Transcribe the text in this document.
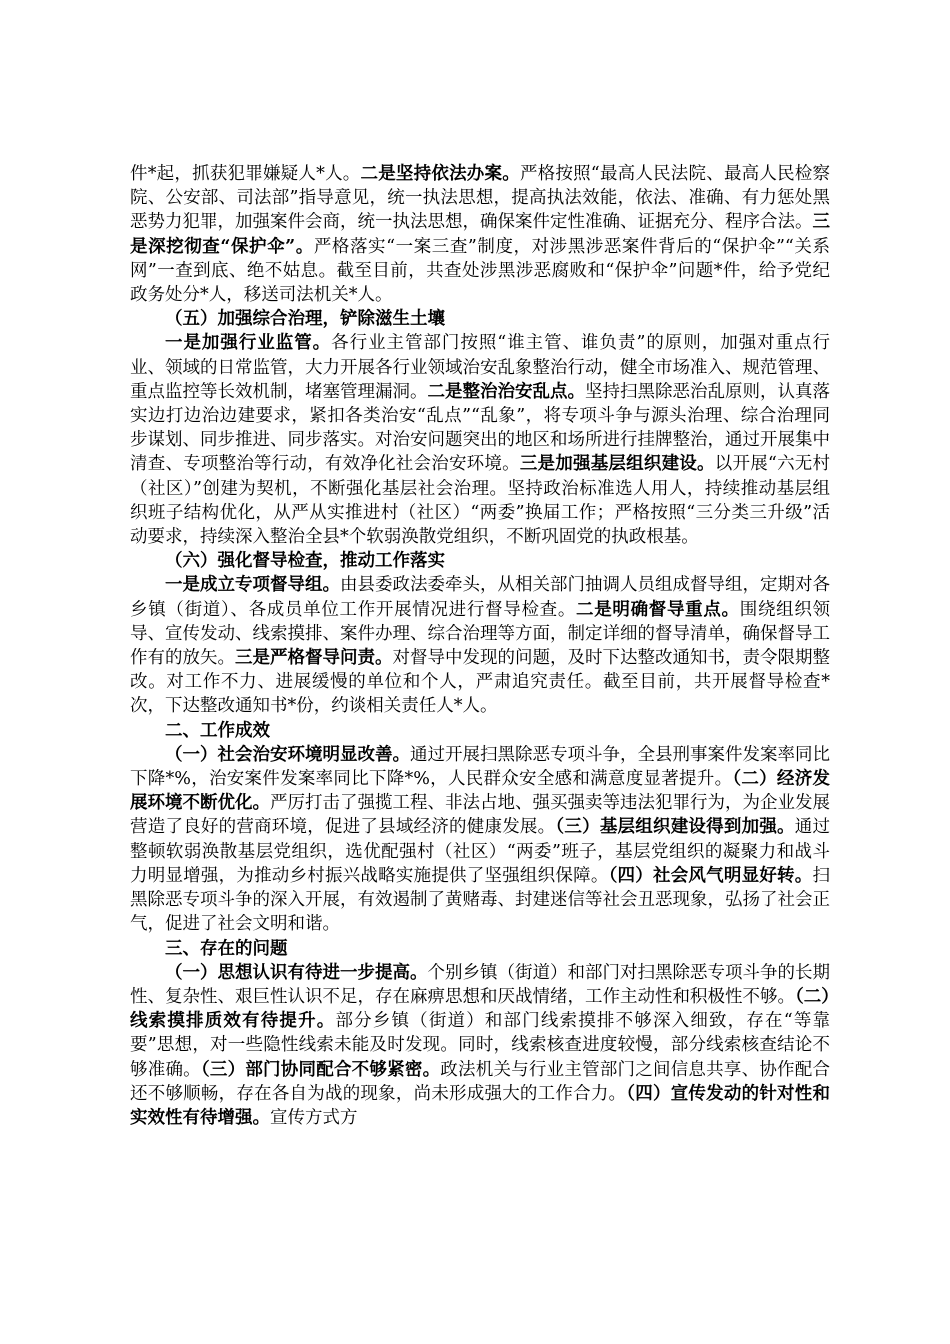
件*起，抓获犯罪嫌疑人*人。二是坚持依法办案。严格按照“最高人民法院、最高人民检察院、公安部、司法部”指导意见，统一执法思想，提高执法效能，依法、准确、有力惩处黑恶势力犯罪，加强案件会商，统一执法思想，确保案件定性准确、证据充分、程序合法。三是深挖彻查“保护伞”。严格落实“一案三查”制度，对涉黑涉恶案件背后的“保护伞”“关系网”一查到底、绝不姑息。截至目前，共查处涉黑涉恶腐败和“保护伞”问题*件，给予党纪政务处分*人，移送司法机关*人。

（五）加强综合治理，铲除滋生土壤

一是加强行业监管。各行业主管部门按照“谁主管、谁负责”的原则，加强对重点行业、领域的日常监管，大力开展各行业领域治安乱象整治行动，健全市场准入、规范管理、重点监控等长效机制，堵塞管理漏洞。二是整治治安乱点。坚持扫黑除恶治乱原则，认真落实边打边治边建要求，紧扣各类治安“乱点”“乱象”，将专项斗争与源头治理、综合治理同步谋划、同步推进、同步落实。对治安问题突出的地区和场所进行挂牌整治，通过开展集中清查、专项整治等行动，有效净化社会治安环境。三是加强基层组织建设。以开展“六无村（社区）”创建为契机，不断强化基层社会治理。坚持政治标准选人用人，持续推动基层组织班子结构优化，从严从实推进村（社区）“两委”换届工作；严格按照“三分类三升级”活动要求，持续深入整治全县*个软弱涣散党组织，不断巩固党的执政根基。

（六）强化督导检查，推动工作落实

一是成立专项督导组。由县委政法委牵头，从相关部门抽调人员组成督导组，定期对各乡镇（街道）、各成员单位工作开展情况进行督导检查。二是明确督导重点。围绕组织领导、宣传发动、线索摸排、案件办理、综合治理等方面，制定详细的督导清单，确保督导工作有的放矢。三是严格督导问责。对督导中发现的问题，及时下达整改通知书，责令限期整改。对工作不力、进展缓慢的单位和个人，严肃追究责任。截至目前，共开展督导检查*次，下达整改通知书*份，约谈相关责任人*人。

二、工作成效

（一）社会治安环境明显改善。通过开展扫黑除恶专项斗争，全县刑事案件发案率同比下降*%，治安案件发案率同比下降*%，人民群众安全感和满意度显著提升。（二）经济发展环境不断优化。严厉打击了强揽工程、非法占地、强买强卖等违法犯罪行为，为企业发展营造了良好的营商环境，促进了县域经济的健康发展。（三）基层组织建设得到加强。通过整顿软弱涣散基层党组织，选优配强村（社区）“两委”班子，基层党组织的凝聚力和战斗力明显增强，为推动乡村振兴战略实施提供了坚强组织保障。（四）社会风气明显好转。扫黑除恶专项斗争的深入开展，有效遏制了黄赌毒、封建迷信等社会丑恶现象，弘扬了社会正气，促进了社会文明和谐。

三、存在的问题

（一）思想认识有待进一步提高。个别乡镇（街道）和部门对扫黑除恶专项斗争的长期性、复杂性、艰巨性认识不足，存在麻痹思想和厌战情绪，工作主动性和积极性不够。（二）线索摸排质效有待提升。部分乡镇（街道）和部门线索摸排不够深入细致，存在“等靠要”思想，对一些隐性线索未能及时发现。同时，线索核查进度较慢，部分线索核查结论不够准确。（三）部门协同配合不够紧密。政法机关与行业主管部门之间信息共享、协作配合还不够顺畅，存在各自为战的现象，尚未形成强大的工作合力。（四）宣传发动的针对性和实效性有待增强。宣传方式方
